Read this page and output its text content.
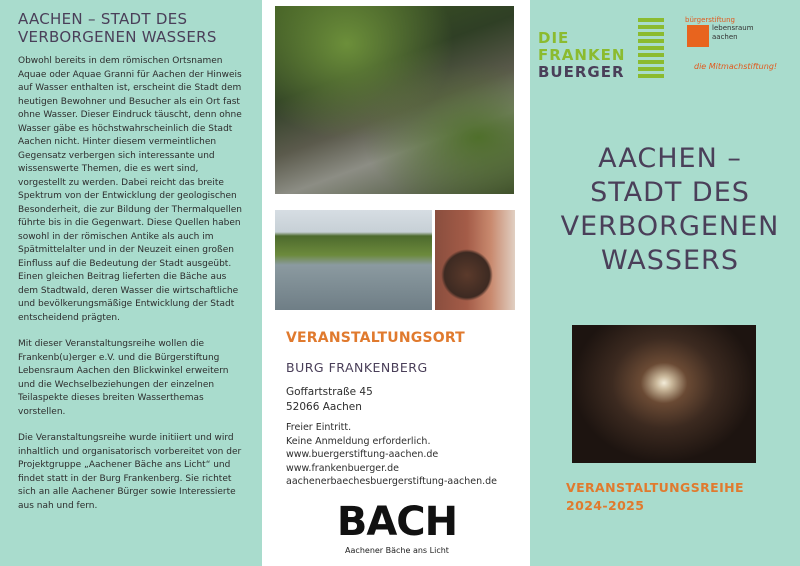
AACHEN – STADT DES
VERBORGENEN WASSERS

Obwohl bereits in dem römischen Ortsnamen Aquae oder Aquae Granni für Aachen der Hinweis auf Wasser enthalten ist, erscheint die Stadt dem heutigen Bewohner und Besucher als ein Ort fast ohne Wasser. Dieser Eindruck täuscht, denn ohne Wasser gäbe es höchstwahrscheinlich die Stadt Aachen nicht. Hinter diesem vermeintlichen Gegensatz verbergen sich interessante und wissenswerte Themen, die es wert sind, vorgestellt zu werden. Dabei reicht das breite Spektrum von der Entwicklung der geologischen Besonderheit, die zur Bildung der Thermalquellen führte bis in die Gegenwart. Diese Quellen haben sowohl in der römischen Antike als auch im Spätmittelalter und in der Neuzeit einen großen Einfluss auf die Bedeutung der Stadt ausgeübt. Einen gleichen Beitrag lieferten die Bäche aus dem Stadtwald, deren Wasser die wirtschaftliche und bevölkerungsmäßige Entwicklung der Stadt entscheidend prägten.

Mit dieser Veranstaltungsreihe wollen die Frankenb(u)erger e.V. und die Bürgerstiftung Lebensraum Aachen den Blickwinkel erweitern und die Wechselbeziehungen der einzelnen Teilaspekte dieses breiten Wasserthemas vorstellen.

Die Veranstaltungsreihe wurde initiiert und wird inhaltlich und organisatorisch vorbereitet von der Projektgruppe „Aachener Bäche ans Licht“ und findet statt in der Burg Frankenberg. Sie richtet sich an alle Aachener Bürger sowie Interessierte aus nah und fern.

VERANSTALTUNGSORT
BURG FRANKENBERG
Goffartstraße 45
52066 Aachen
Freier Eintritt.
Keine Anmeldung erforderlich.
www.buergerstiftung-aachen.de
www.frankenbuerger.de
aachenerbaechesbuergerstiftung-aachen.de
BACH
Aachener Bäche ans Licht
DIE
FRANKEN
BUERGER
bürgerstiftung
lebensraum
aachen
die Mitmachstiftung!
AACHEN –
STADT DES
VERBORGENEN
WASSERS
VERANSTALTUNGSREIHE
2024-2025
